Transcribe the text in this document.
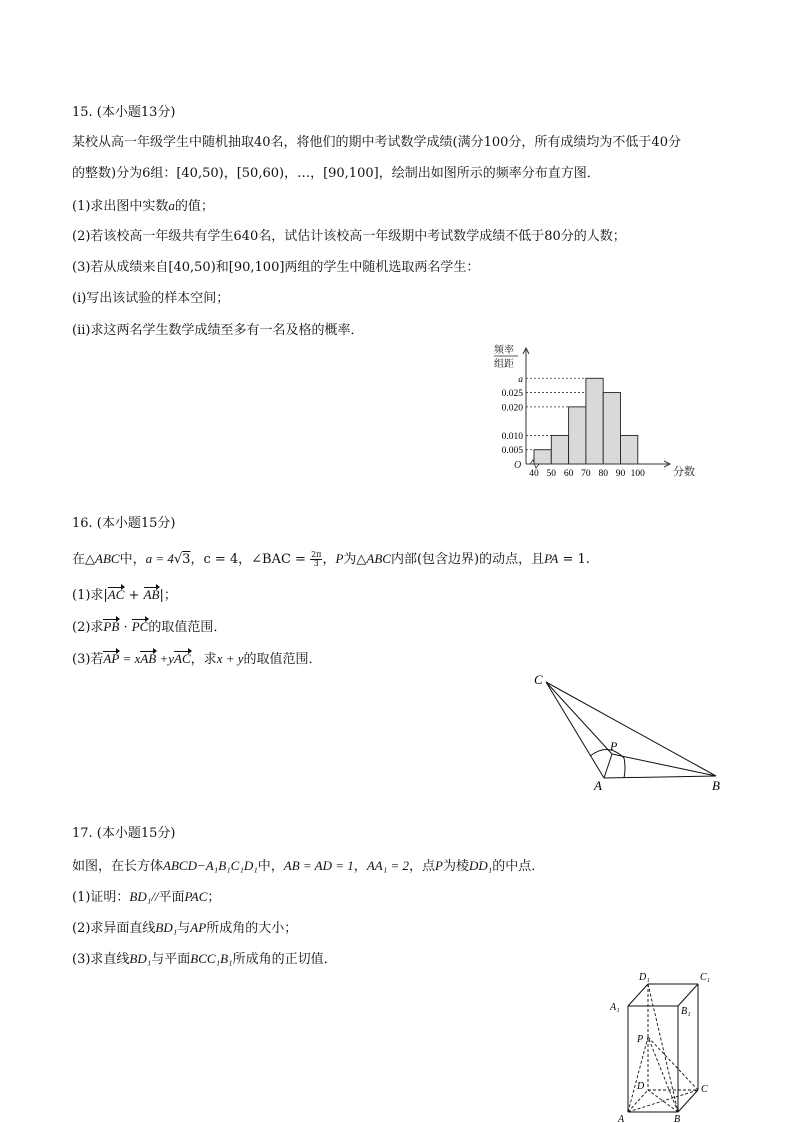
15. (本小题13分)
某校从高一年级学生中随机抽取40名，将他们的期中考试数学成绩(满分100分，所有成绩均为不低于40分
的整数)分为6组：[40,50)，[50,60)，…，[90,100]，绘制出如图所示的频率分布直方图．
(1)求出图中实数a的值；
(2)若该校高一年级共有学生640名，试估计该校高一年级期中考试数学成绩不低于80分的人数；
(3)若从成绩来自[40,50)和[90,100]两组的学生中随机选取两名学生：
(ⅰ)写出该试验的样本空间；
(ⅱ)求这两名学生数学成绩至多有一名及格的概率．
频率
组距
O
分数
0.005
0.010
0.020
0.025
a
40 50 60 70 80 90 100
16. (本小题15分)
在△ABC中，a = 4√3，c = 4，∠BAC = $\frac{2\pi}{3}$ ，P为△ABC内部(包含边界)的动点，且PA = 1.
(1)求|AC + AB|；
(2)求PB · PC的取值范围．
(3)若AP = xAB +yAC，求x + y的取值范围．
C
P
A	B
17. (本小题15分)
如图，在长方体ABCD−A₁B₁C₁D₁中，AB = AD = 1，AA₁ = 2，点P为棱DD₁的中点．
(1)证明：BD₁//平面PAC；
(2)求异面直线BD₁与AP所成角的大小；
(3)求直线BD₁与平面BCC₁B₁所成角的正切值．
D₁	C₁
A₁	B₁
P
D	C
A	B
